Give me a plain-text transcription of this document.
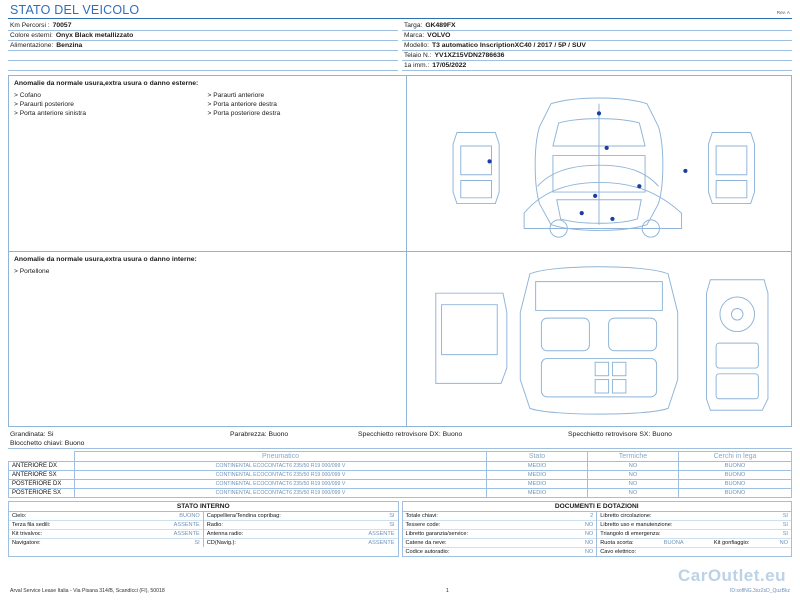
STATO DEL VEICOLO	Rev. A
Km Percorsi : 70057
Colore esterni: Onyx Black metallizzato
Alimentazione: Benzina
Targa: GK489FX
Marca: VOLVO
Modello: T3 automatico InscriptionXC40 / 2017 / 5P / SUV
Telaio N.: YV1XZ15VDN2786636
1a imm.: 17/05/2022
Anomalie da normale usura,extra usura o danno esterne:
> Cofano
> Paraurti posteriore
> Porta anteriore sinistra
> Paraurti anteriore
> Porta anteriore destra
> Porta posteriore destra
Anomalie da normale usura,extra usura o danno interne:
> Portellone
Grandinata: Si	Parabrezza: Buono	Specchietto retrovisore DX: Buono	Specchietto retrovisore SX: Buono
Blocchetto chiavi: Buono
	Pneumatico	Stato	Termiche	Cerchi in lega
ANTERIORE DX	CONTINENTAL ECOCONTACT6 235/50 R19 000/099 V	MEDIO	NO	BUONO
ANTERIORE SX	CONTINENTAL ECOCONTACT6 235/50 R19 000/099 V	MEDIO	NO	BUONO
POSTERIORE DX	CONTINENTAL ECOCONTACT6 235/50 R19 000/099 V	MEDIO	NO	BUONO
POSTERIORE SX	CONTINENTAL ECOCONTACT6 235/50 R19 000/099 V	MEDIO	NO	BUONO
STATO INTERNO
Cielo:	BUONO
Terza fila sedili:	ASSENTE
Kit trivalvoc:	ASSENTE
Navigatore:	SI
Cappelliera/Tendina copribag:	SI
Radio:	SI
Antenna radio:	ASSENTE
CD(Navig.):	ASSENTE
DOCUMENTI E DOTAZIONI
Totale chiavi:	2
Tessere code:	NO
Libretto garanzia/service:	NO
Catene da neve:	NO
Codice autoradio:	NO
Libretto circolazione:	SI
Libretto uso e manutenzione:	SI
Triangolo di emergenza:	SI
Ruota scorta:	BUONA	Kit gonfiaggio:	NO
Cavo elettrico:
CarOutlet.eu
Arval Service Lease Italia - Via Pisana 314/B, Scandicci (FI), 50018	1	ID:soflNG.3sz2sD_QuzBkz
